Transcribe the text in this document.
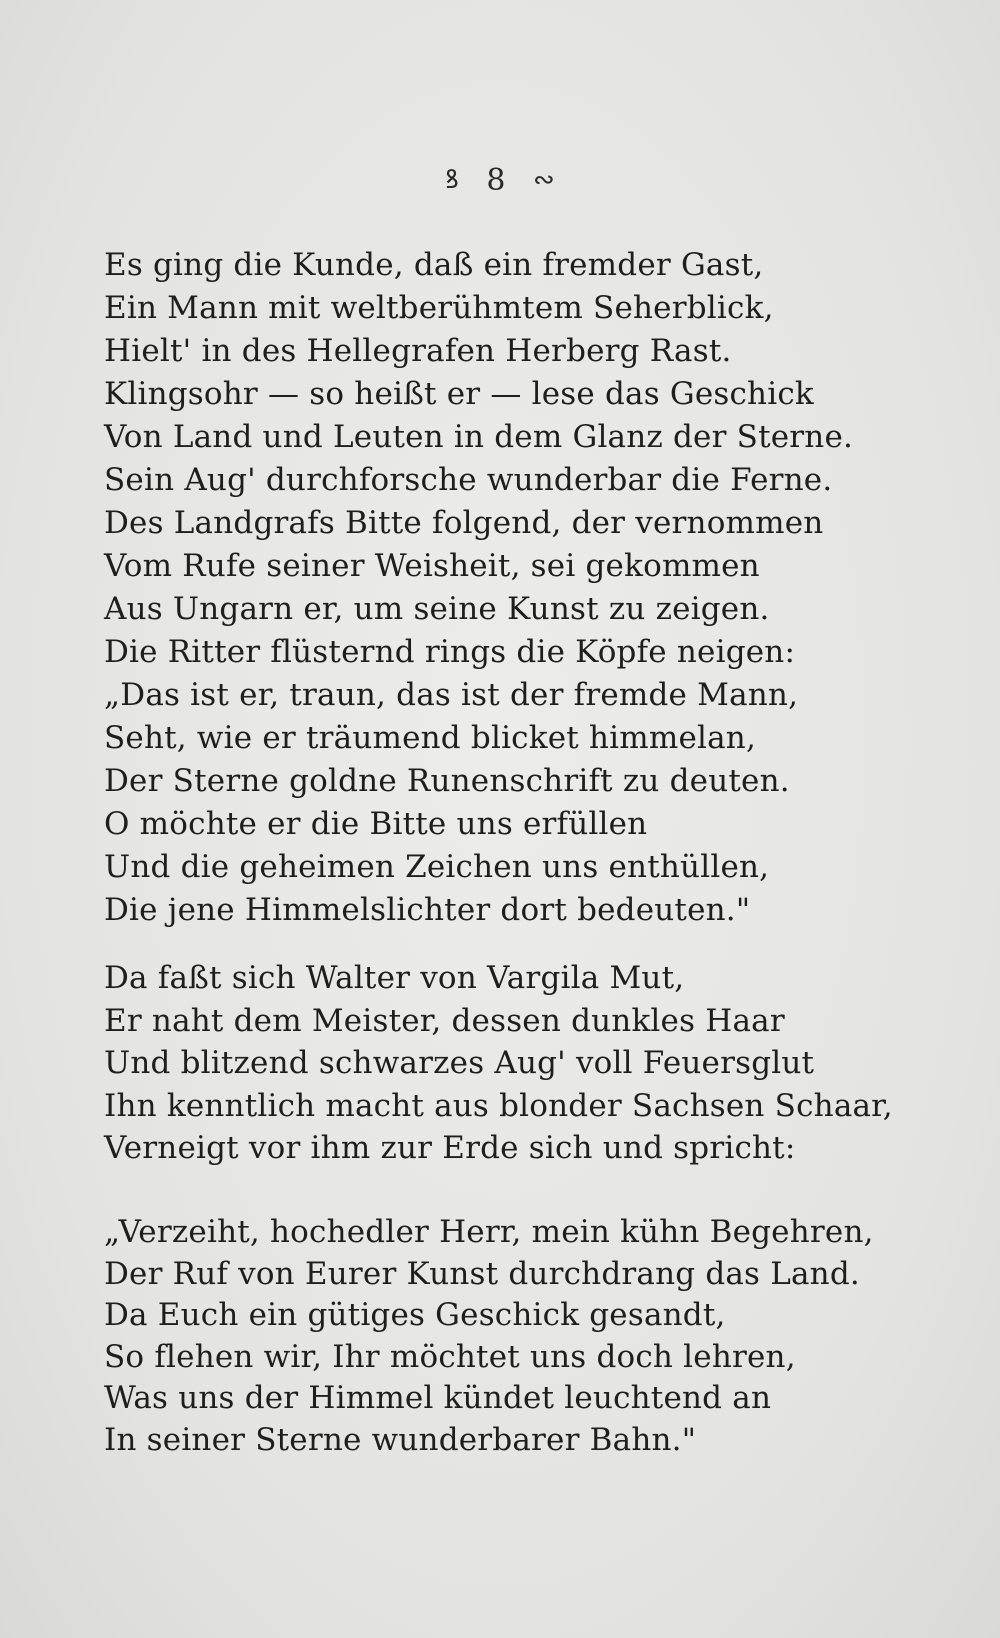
ꝸ 8 ∾
Es ging die Kunde, daß ein fremder Gast,
Ein Mann mit weltberühmtem Seherblick,
Hielt' in des Hellegrafen Herberg Rast.
Klingsohr — so heißt er — lese das Geschick
Von Land und Leuten in dem Glanz der Sterne.
Sein Aug' durchforsche wunderbar die Ferne.
Des Landgrafs Bitte folgend, der vernommen
Vom Rufe seiner Weisheit, sei gekommen
Aus Ungarn er, um seine Kunst zu zeigen.
Die Ritter flüsternd rings die Köpfe neigen:
„Das ist er, traun, das ist der fremde Mann,
Seht, wie er träumend blicket himmelan,
Der Sterne goldne Runenschrift zu deuten.
O möchte er die Bitte uns erfüllen
Und die geheimen Zeichen uns enthüllen,
Die jene Himmelslichter dort bedeuten."
Da faßt sich Walter von Vargila Mut,
Er naht dem Meister, dessen dunkles Haar
Und blitzend schwarzes Aug' voll Feuersglut
Ihn kenntlich macht aus blonder Sachsen Schaar,
Verneigt vor ihm zur Erde sich und spricht:
„Verzeiht, hochedler Herr, mein kühn Begehren,
Der Ruf von Eurer Kunst durchdrang das Land.
Da Euch ein gütiges Geschick gesandt,
So flehen wir, Ihr möchtet uns doch lehren,
Was uns der Himmel kündet leuchtend an
In seiner Sterne wunderbarer Bahn."
